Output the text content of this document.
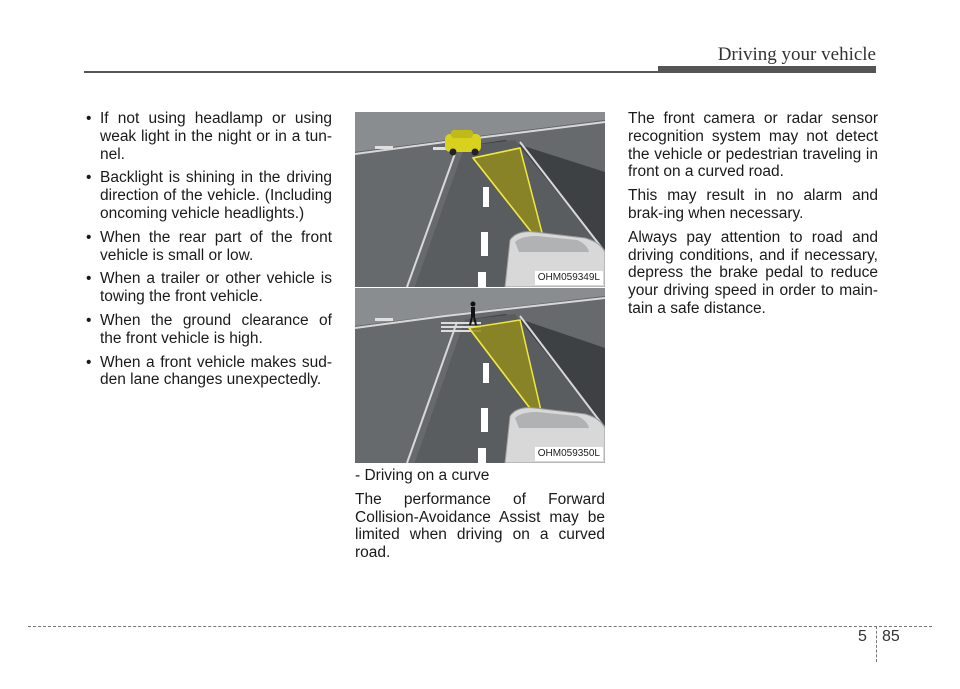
Driving your vehicle
• If not using headlamp or using weak light in the night or in a tun-nel.
• Backlight is shining in the driving direction of the vehicle. (Including oncoming vehicle headlights.)
• When the rear part of the front vehicle is small or low.
• When a trailer or other vehicle is towing the front vehicle.
• When the ground clearance of the front vehicle is high.
• When a front vehicle makes sud-den lane changes unexpectedly.
OHM059349L
OHM059350L

- Driving on a curve

The performance of Forward Collision-Avoidance Assist may be limited when driving on a curved road.

The front camera or radar sensor recognition system may not detect the vehicle or pedestrian traveling in front on a curved road.

This may result in no alarm and brak-ing when necessary.

Always pay attention to road and driving conditions, and if necessary, depress the brake pedal to reduce your driving speed in order to main-tain a safe distance.

5 85
